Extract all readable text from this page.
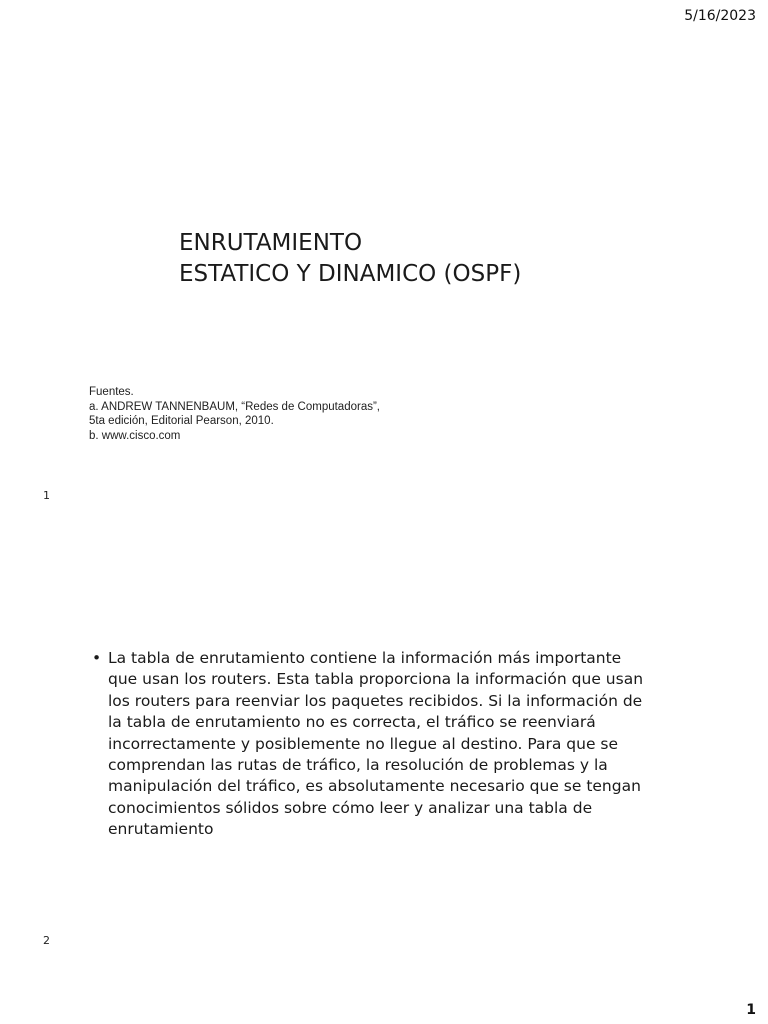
5/16/2023
ENRUTAMIENTO
ESTATICO Y DINAMICO (OSPF)
Fuentes.
a. ANDREW TANNENBAUM, “Redes de Computadoras”,
5ta edición, Editorial Pearson, 2010.
b. www.cisco.com
1
• La tabla de enrutamiento contiene la información más importante
que usan los routers. Esta tabla proporciona la información que usan
los routers para reenviar los paquetes recibidos. Si la información de
la tabla de enrutamiento no es correcta, el tráfico se reenviará
incorrectamente y posiblemente no llegue al destino. Para que se
comprendan las rutas de tráfico, la resolución de problemas y la
manipulación del tráfico, es absolutamente necesario que se tengan
conocimientos sólidos sobre cómo leer y analizar una tabla de
enrutamiento
2
1
